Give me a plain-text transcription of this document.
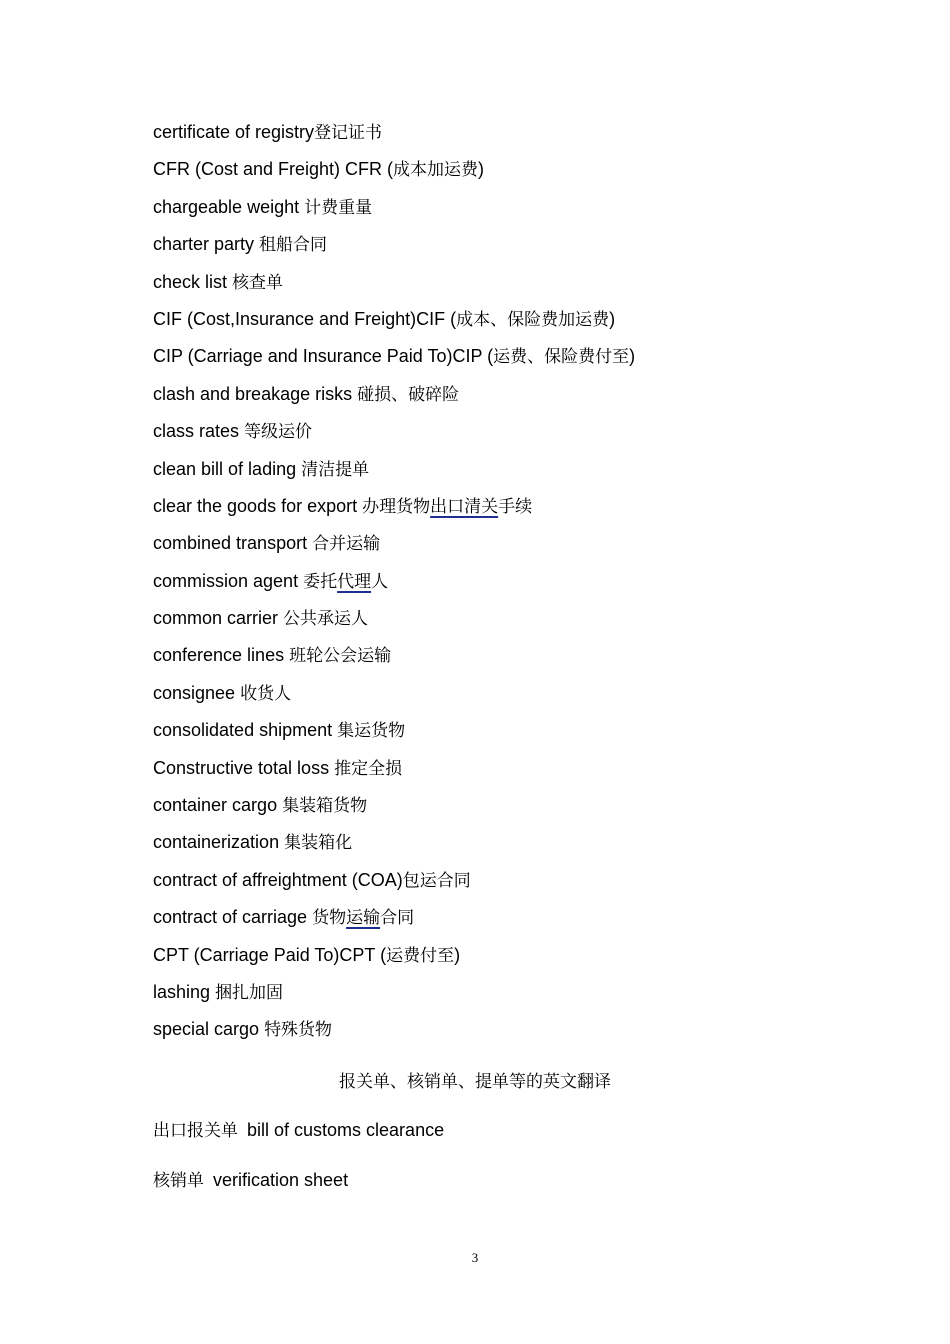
certificate of registry登记证书
CFR (Cost and Freight) CFR (成本加运费)
chargeable weight 计费重量
charter party 租船合同
check list 核查单
CIF (Cost,Insurance and Freight)CIF (成本、保险费加运费)
CIP (Carriage and Insurance Paid To)CIP (运费、保险费付至)
clash and breakage risks 碰损、破碎险
class rates 等级运价
clean bill of lading 清洁提单
clear the goods for export 办理货物出口清关手续
combined transport 合并运输
commission agent 委托代理人
common carrier 公共承运人
conference lines 班轮公会运输
consignee 收货人
consolidated shipment 集运货物
Constructive total loss 推定全损
container cargo 集装箱货物
containerization 集装箱化
contract of affreightment (COA)包运合同
contract of carriage 货物运输合同
CPT (Carriage Paid To)CPT (运费付至)
lashing 捆扎加固
special cargo 特殊货物
报关单、核销单、提单等的英文翻译
出口报关单 bill of customs clearance
核销单 verification sheet
3
